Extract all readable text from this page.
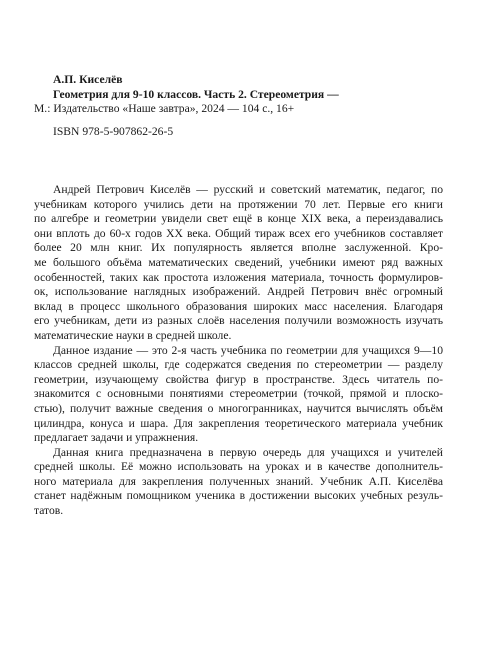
А.П. Киселёв
Геометрия для 9-10 классов. Часть 2. Стереометрия —
М.: Издательство «Наше завтра», 2024 — 104 с., 16+
ISBN 978-5-907862-26-5

Андрей Петрович Киселёв — русский и советский математик, педагог, по
учебникам которого учились дети на протяжении 70 лет. Первые его книги
по алгебре и геометрии увидели свет ещё в конце XIX века, а переиздавались
они вплоть до 60-х годов XX века. Общий тираж всех его учебников составляет
более 20 млн книг. Их популярность является вполне заслуженной. Кро-
ме большого объёма математических сведений, учебники имеют ряд важных
особенностей, таких как простота изложения материала, точность формулиров-
ок, использование наглядных изображений. Андрей Петрович внёс огромный
вклад в процесс школьного образования широких масс населения. Благодаря
его учебникам, дети из разных слоёв населения получили возможность изучать
математические науки в средней школе.

Данное издание — это 2-я часть учебника по геометрии для учащихся 9—10
классов средней школы, где содержатся сведения по стереометрии — разделу
геометрии, изучающему свойства фигур в пространстве. Здесь читатель по-
знакомится с основными понятиями стереометрии (точкой, прямой и плоско-
стью), получит важные сведения о многогранниках, научится вычислять объём
цилиндра, конуса и шара. Для закрепления теоретического материала учебник
предлагает задачи и упражнения.

Данная книга предназначена в первую очередь для учащихся и учителей
средней школы. Её можно использовать на уроках и в качестве дополнитель-
ного материала для закрепления полученных знаний. Учебник А.П. Киселёва
станет надёжным помощником ученика в достижении высоких учебных резуль-
татов.
